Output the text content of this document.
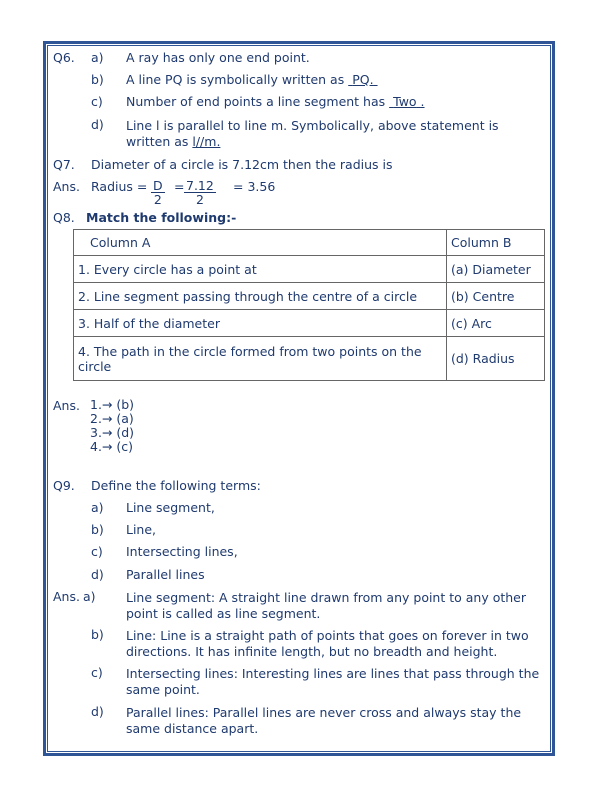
Q6. a) A ray has only one end point.
b) A line PQ is symbolically written as  PQ.
c) Number of end points a line segment has  Two .
d) Line l is parallel to line m. Symbolically, above statement is written as l//m.
Q7. Diameter of a circle is 7.12cm then the radius is
Ans. Radius = $\frac{D}{2} = \frac{7.12}{2} = 3.56$
Q8. Match the following:-
Column A	Column B
1. Every circle has a point at	(a) Diameter
2. Line segment passing through the centre of a circle	(b) Centre
3. Half of the diameter	(c) Arc
4. The path in the circle formed from two points on the circle	(d) Radius
Ans. 1.→ (b)
2.→ (a)
3.→ (d)
4.→ (c)
Q9. Define the following terms:
a) Line segment,
b) Line,
c) Intersecting lines,
d) Parallel lines
Ans. a) Line segment: A straight line drawn from any point to any other point is called as line segment.
b) Line: Line is a straight path of points that goes on forever in two directions. It has infinite length, but no breadth and height.
c) Intersecting lines: Interesting lines are lines that pass through the same point.
d) Parallel lines: Parallel lines are never cross and always stay the same distance apart.
